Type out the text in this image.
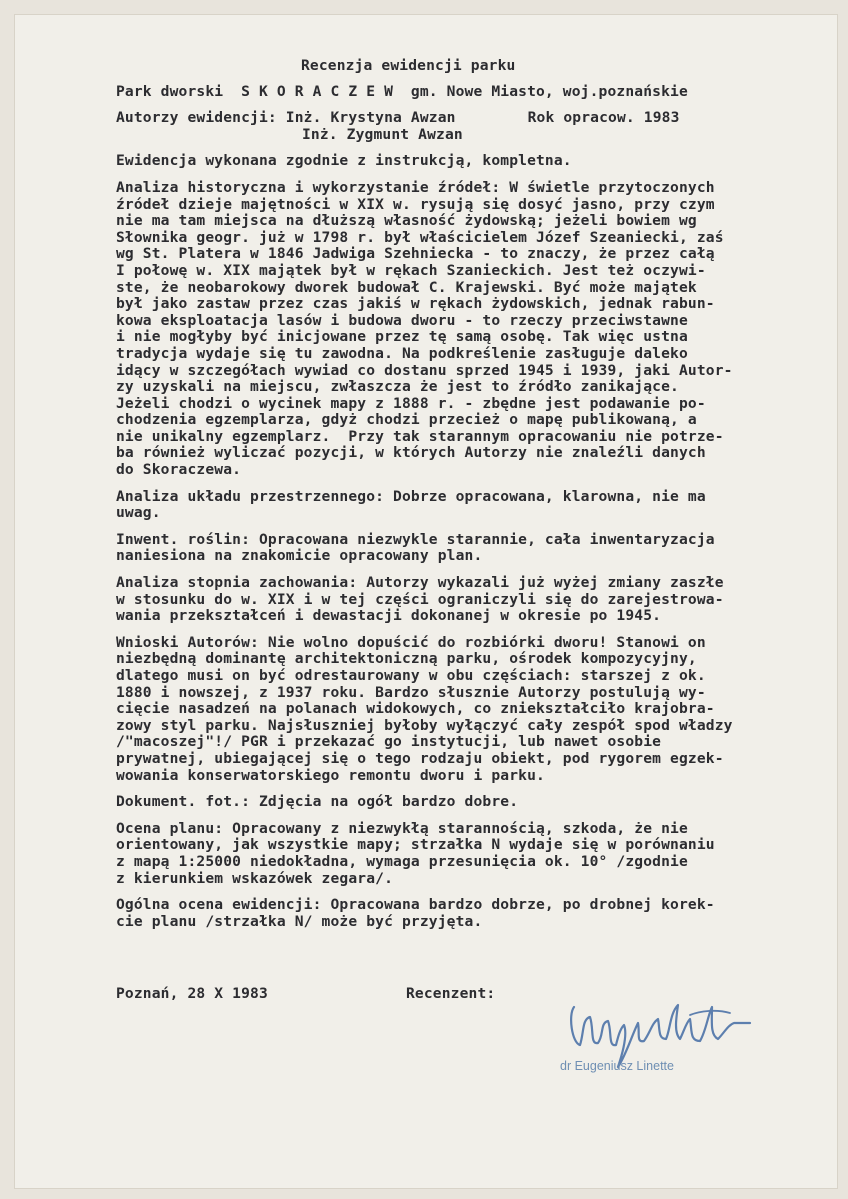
Recenzja ewidencji parku
Park dworski  S K O R A C Z E W  gm. Nowe Miasto, woj.poznańskie
Autorzy ewidencji:
Inż. Krystyna Awzan	Rok opracow. 1983
Inż. Zygmunt Awzan
Ewidencja wykonana zgodnie z instrukcją, kompletna.
Analiza historyczna i wykorzystanie źródeł: W świetle przytoczonych
źródeł dzieje majętności w XIX w. rysują się dosyć jasno, przy czym
nie ma tam miejsca na dłuższą własność żydowską; jeżeli bowiem wg
Słownika geogr. już w 1798 r. był właścicielem Józef Szeaniecki, zaś
wg St. Platera w 1846 Jadwiga Szehniecka - to znaczy, że przez całą
I połowę w. XIX majątek był w rękach Szanieckich. Jest też oczywi-
ste, że neobarokowy dworek budował C. Krajewski. Być może majątek
był jako zastaw przez czas jakiś w rękach żydowskich, jednak rabun-
kowa eksploatacja lasów i budowa dworu - to rzeczy przeciwstawne
i nie mogłyby być inicjowane przez tę samą osobę. Tak więc ustna
tradycja wydaje się tu zawodna. Na podkreślenie zasługuje daleko
idący w szczegółach wywiad co dostanu sprzed 1945 i 1939, jaki Autor-
zy uzyskali na miejscu, zwłaszcza że jest to źródło zanikające.
Jeżeli chodzi o wycinek mapy z 1888 r. - zbędne jest podawanie po-
chodzenia egzemplarza, gdyż chodzi przecież o mapę publikowaną, a
nie unikalny egzemplarz.  Przy tak starannym opracowaniu nie potrze-
ba również wyliczać pozycji, w których Autorzy nie znaleźli danych
do Skoraczewa.
Analiza układu przestrzennego: Dobrze opracowana, klarowna, nie ma
uwag.
Inwent. roślin: Opracowana niezwykle starannie, cała inwentaryzacja
naniesiona na znakomicie opracowany plan.
Analiza stopnia zachowania: Autorzy wykazali już wyżej zmiany zaszłe
w stosunku do w. XIX i w tej części ograniczyli się do zarejestrowa-
wania przekształceń i dewastacji dokonanej w okresie po 1945.
Wnioski Autorów: Nie wolno dopuścić do rozbiórki dworu! Stanowi on
niezbędną dominantę architektoniczną parku, ośrodek kompozycyjny,
dlatego musi on być odrestaurowany w obu częściach: starszej z ok.
1880 i nowszej, z 1937 roku. Bardzo słusznie Autorzy postulują wy-
cięcie nasadzeń na polanach widokowych, co zniekształciło krajobra-
zowy styl parku. Najsłuszniej byłoby wyłączyć cały zespół spod władzy
/"macoszej"!/ PGR i przekazać go instytucji, lub nawet osobie
prywatnej, ubiegającej się o tego rodzaju obiekt, pod rygorem egzek-
wowania konserwatorskiego remontu dworu i parku.
Dokument. fot.: Zdjęcia na ogół bardzo dobre.
Ocena planu: Opracowany z niezwykłą starannością, szkoda, że nie
orientowany, jak wszystkie mapy; strzałka N wydaje się w porównaniu
z mapą 1:25000 niedokładna, wymaga przesunięcia ok. 10° /zgodnie
z kierunkiem wskazówek zegara/.
Ogólna ocena ewidencji: Opracowana bardzo dobrze, po drobnej korek-
cie planu /strzałka N/ może być przyjęta.
Poznań, 28 X 1983	Recenzent:
dr Eugeniusz Linette
